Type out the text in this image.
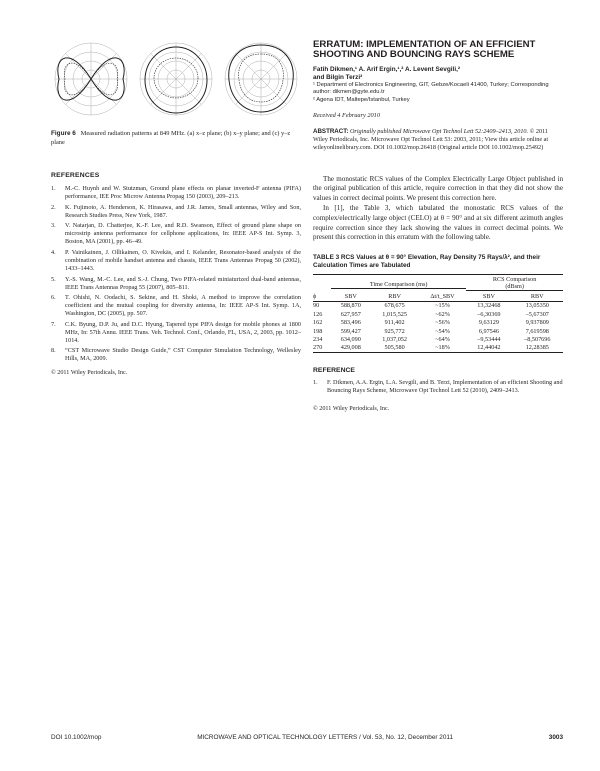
Figure 6 Measured radiation patterns at 849 MHz. (a) x–z plane; (b) x–y plane; and (c) y–z plane
REFERENCES
1.	M.-C. Huynh and W. Stutzman, Ground plane effects on planar inverted-F antenna (PIFA) performance, IEE Proc Microw Antenna Propag 150 (2003), 209–213.
2.	K. Fujimoto, A. Henderson, K. Hirasawa, and J.R. James, Small antennas, Wiley and Son, Research Studies Press, New York, 1987.
3.	V. Natarjan, D. Chatterjee, K.-F. Lee, and R.D. Swanson, Effect of ground plane shape on microstrip antenna performance for cellphone applications, In: IEEE AP-S Int. Symp. 3, Boston, MA (2001), pp. 46–49.
4.	P. Vainikainen, J. Ollikainen, O. Kivekäs, and I. Kelander, Resonator-based analysis of the combination of mobile handset antenna and chassis, IEEE Trans Antennas Propag 50 (2002), 1433–1443.
5.	Y.-S. Wang, M.-C. Lee, and S.-J. Chung, Two PIFA-related miniaturized dual-band antennas, IEEE Trans Antennas Propag 55 (2007), 805–811.
6.	T. Ohishi, N. Oodachi, S. Sekine, and H. Shoki, A method to improve the correlation coefficient and the mutual coupling for diversity antenna, In: IEEE AP-S Int. Symp. 1A, Washington, DC (2005), pp. 507.
7.	C.K. Byung, D.P. Ju, and D.C. Hyung, Tapered type PIFA design for mobile phones at 1800 MHz, In: 57th Annu. IEEE Trans. Veh. Technol. Conf., Orlando, FL, USA, 2, 2003, pp. 1012–1014.
8.	“CST Microwave Studio Design Guide,” CST Computer Simulation Technology, Wellesley Hills, MA, 2009.
© 2011 Wiley Periodicals, Inc.
ERRATUM: IMPLEMENTATION OF AN EFFICIENT SHOOTING AND BOUNCING RAYS SCHEME
Fatih Dikmen,¹ A. Arif Ergin,¹,² A. Levent Sevgili,²
and Bilgin Terzi²
¹ Department of Electronics Engineering, GIT, Gebze/Kocaeli 41400, Turkey; Corresponding author: dikmen@gyte.edu.tr
² Agena IDT, Maltepe/Istanbul, Turkey
Received 4 February 2010
ABSTRACT: Originally published Microwave Opt Technol Lett 52:2409–2413, 2010. © 2011 Wiley Periodicals, Inc. Microwave Opt Technol Lett 53: 2003, 2011; View this article online at wileyonlinelibrary.com. DOI 10.1002/mop.26418 (Original article DOI 10.1002/mop.25492)

The monostatic RCS values of the Complex Electrically Large Object published in the original publication of this article, require correction in that they did not show the values in correct decimal points. We present this correction here.

In [1], the Table 3, which tabulated the monostatic RCS values of the complex/electrically large object (CELO) at θ = 90° and at six different azimuth angles require correction since they lack showing the values in correct decimal points. We present this correction in this erratum with the following table.

TABLE 3 RCS Values at θ = 90° Elevation, Ray Density 75 Rays/λ², and their Calculation Times are Tabulated

	Time Comparison (ms)			RCS Comparison
(dBsm)	

ϕ	SBV	RBV	Δt/t_SBV	SBV	RBV
90	588,870	678,675	~15%	13,32468	13,05350
126	627,957	1,015,525	~62%	–6,30369	–5,67307
162	583,496	911,402	~56%	9,63129	9,937809
198	599,427	925,772	~54%	6,97546	7,619598
234	634,090	1,037,052	~64%	–9,53444	–8,507696
270	429,008	505,580	~18%	12,44042	12,28385
REFERENCE
1.	F. Dikmen, A.A. Ergin, L.A. Sevgili, and B. Terzi, Implementation of an efficient Shooting and Bouncing Rays Scheme, Microwave Opt Technol Lett 52 (2010), 2409–2413.
© 2011 Wiley Periodicals, Inc.
DOI 10.1002/mop	MICROWAVE AND OPTICAL TECHNOLOGY LETTERS / Vol. 53, No. 12, December 2011	3003
